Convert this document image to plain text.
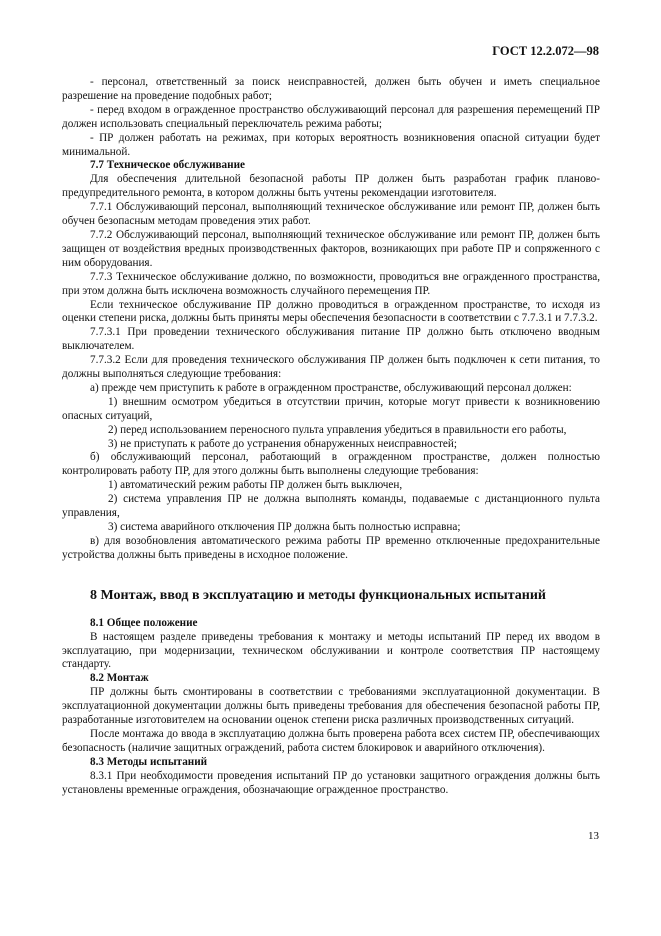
ГОСТ 12.2.072—98

- персонал, ответственный за поиск неисправностей, должен быть обучен и иметь специальное разрешение на проведение подобных работ;

- перед входом в огражденное пространство обслуживающий персонал для разрешения перемещений ПР должен использовать специальный переключатель режима работы;

- ПР должен работать на режимах, при которых вероятность возникновения опасной ситуации будет минимальной.

7.7 Техническое обслуживание

Для обеспечения длительной безопасной работы ПР должен быть разработан график планово-предупредительного ремонта, в котором должны быть учтены рекомендации изготовителя.

7.7.1 Обслуживающий персонал, выполняющий техническое обслуживание или ремонт ПР, должен быть обучен безопасным методам проведения этих работ.

7.7.2 Обслуживающий персонал, выполняющий техническое обслуживание или ремонт ПР, должен быть защищен от воздействия вредных производственных факторов, возникающих при работе ПР и сопряженного с ним оборудования.

7.7.3 Техническое обслуживание должно, по возможности, проводиться вне огражденного пространства, при этом должна быть исключена возможность случайного перемещения ПР.

Если техническое обслуживание ПР должно проводиться в огражденном пространстве, то исходя из оценки степени риска, должны быть приняты меры обеспечения безопасности в соответствии с 7.7.3.1 и 7.7.3.2.

7.7.3.1 При проведении технического обслуживания питание ПР должно быть отключено вводным выключателем.

7.7.3.2 Если для проведения технического обслуживания ПР должен быть подключен к сети питания, то должны выполняться следующие требования:

а) прежде чем приступить к работе в огражденном пространстве, обслуживающий персонал должен:

1) внешним осмотром убедиться в отсутствии причин, которые могут привести к возникновению опасных ситуаций,

2) перед использованием переносного пульта управления убедиться в правильности его работы,

3) не приступать к работе до устранения обнаруженных неисправностей;

б) обслуживающий персонал, работающий в огражденном пространстве, должен полностью контролировать работу ПР, для этого должны быть выполнены следующие требования:

1) автоматический режим работы ПР должен быть выключен,

2) система управления ПР не должна выполнять команды, подаваемые с дистанционного пульта управления,

3) система аварийного отключения ПР должна быть полностью исправна;

в) для возобновления автоматического режима работы ПР временно отключенные предохранительные устройства должны быть приведены в исходное положение.

8 Монтаж, ввод в эксплуатацию и методы функциональных испытаний

8.1 Общее положение

В настоящем разделе приведены требования к монтажу и методы испытаний ПР перед их вводом в эксплуатацию, при модернизации, техническом обслуживании и контроле соответствия ПР настоящему стандарту.

8.2 Монтаж

ПР должны быть смонтированы в соответствии с требованиями эксплуатационной документации. В эксплуатационной документации должны быть приведены требования для обеспечения безопасной работы ПР, разработанные изготовителем на основании оценок степени риска различных производственных ситуаций.

После монтажа до ввода в эксплуатацию должна быть проверена работа всех систем ПР, обеспечивающих безопасность (наличие защитных ограждений, работа систем блокировок и аварийного отключения).

8.3 Методы испытаний

8.3.1 При необходимости проведения испытаний ПР до установки защитного ограждения должны быть установлены временные ограждения, обозначающие огражденное пространство.

13
